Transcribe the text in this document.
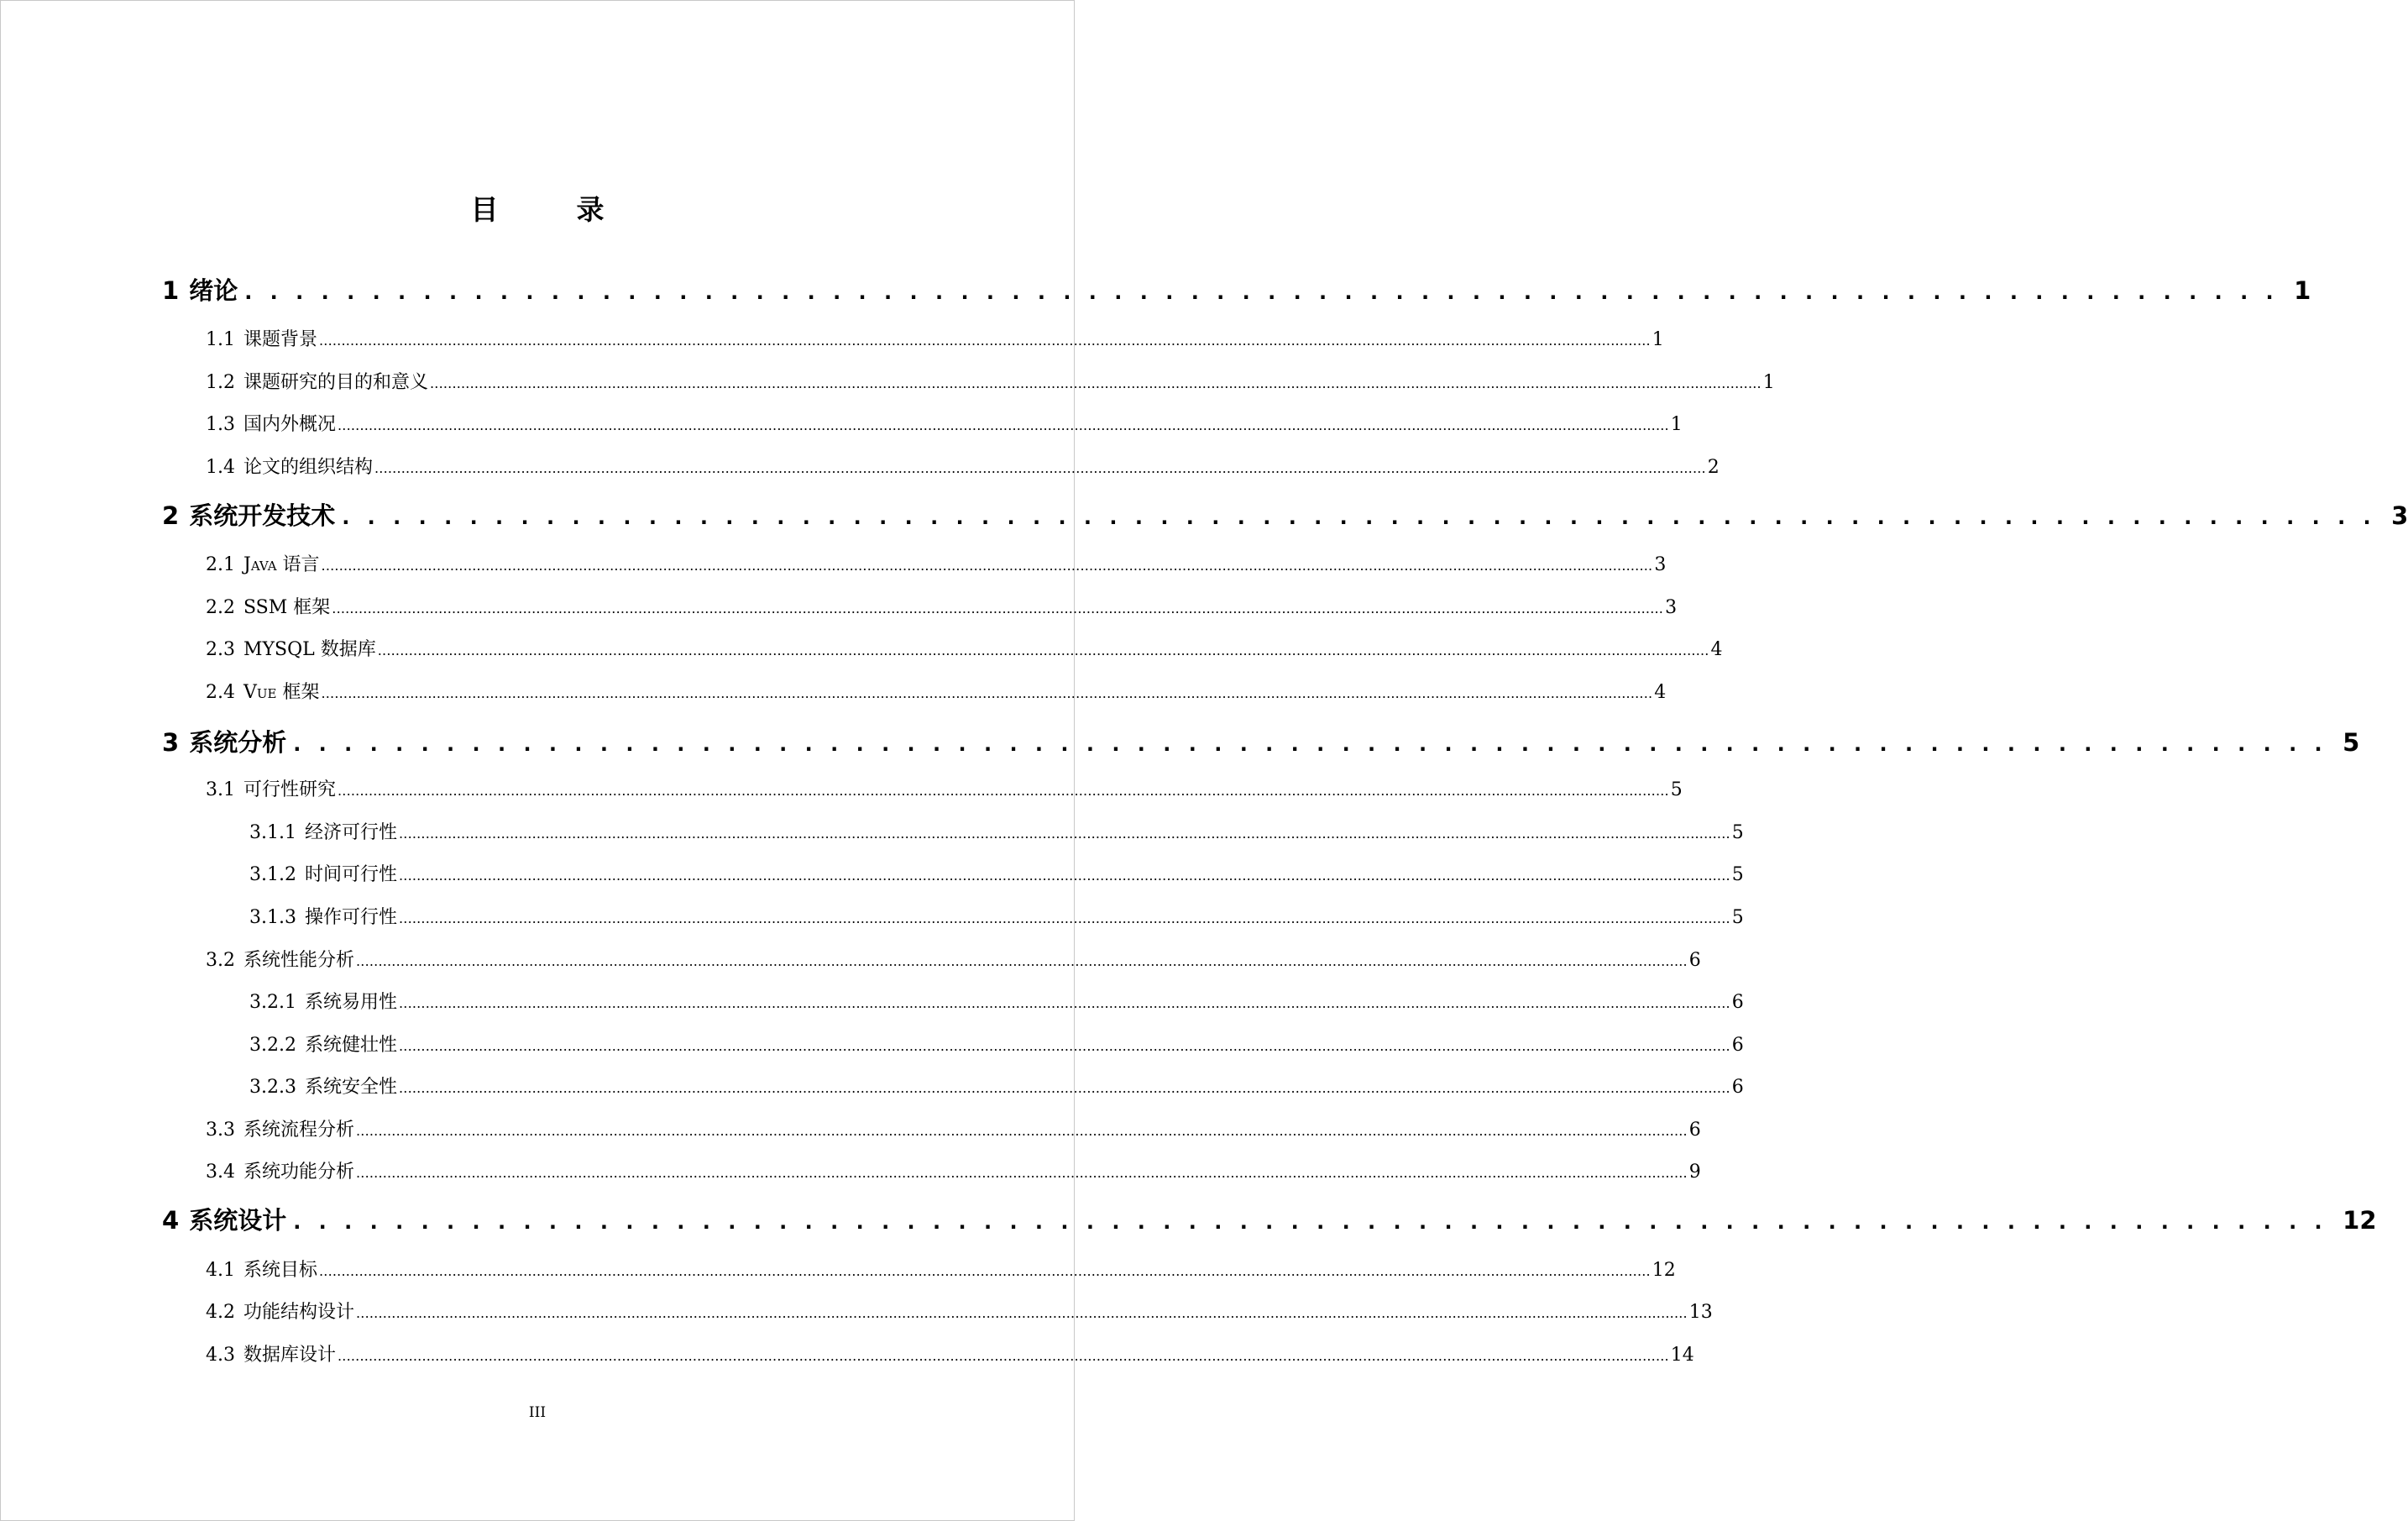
目　录
1 绪论 . . . . . . . . . . . . . . . . . . . . . . . . . . . . . . . . . . . . . . . . . . . . . . . . . . . . . . . . . . . . . . . . . . . . . . . . . . . . . . . . 1
1.1 课题背景 ............................................................................................................................................................................................................................................................................................................ 1
1.2 课题研究的目的和意义 ............................................................................................................................................................................................................................................................................................................ 1
1.3 国内外概况 ............................................................................................................................................................................................................................................................................................................ 1
1.4 论文的组织结构 ............................................................................................................................................................................................................................................................................................................ 2
2 系统开发技术 . . . . . . . . . . . . . . . . . . . . . . . . . . . . . . . . . . . . . . . . . . . . . . . . . . . . . . . . . . . . . . . . . . . . . . . . . . . . . . . . 3
2.1 Java 语言 ............................................................................................................................................................................................................................................................................................................ 3
2.2 SSM 框架 ............................................................................................................................................................................................................................................................................................................ 3
2.3 MYSQL 数据库 ............................................................................................................................................................................................................................................................................................................ 4
2.4 Vue 框架 ............................................................................................................................................................................................................................................................................................................ 4
3 系统分析 . . . . . . . . . . . . . . . . . . . . . . . . . . . . . . . . . . . . . . . . . . . . . . . . . . . . . . . . . . . . . . . . . . . . . . . . . . . . . . . . 5
3.1 可行性研究 ............................................................................................................................................................................................................................................................................................................ 5
3.1.1 经济可行性 ............................................................................................................................................................................................................................................................................................................ 5
3.1.2 时间可行性 ............................................................................................................................................................................................................................................................................................................ 5
3.1.3 操作可行性 ............................................................................................................................................................................................................................................................................................................ 5
3.2 系统性能分析 ............................................................................................................................................................................................................................................................................................................ 6
3.2.1 系统易用性 ............................................................................................................................................................................................................................................................................................................ 6
3.2.2 系统健壮性 ............................................................................................................................................................................................................................................................................................................ 6
3.2.3 系统安全性 ............................................................................................................................................................................................................................................................................................................ 6
3.3 系统流程分析 ............................................................................................................................................................................................................................................................................................................ 6
3.4 系统功能分析 ............................................................................................................................................................................................................................................................................................................ 9
4 系统设计 . . . . . . . . . . . . . . . . . . . . . . . . . . . . . . . . . . . . . . . . . . . . . . . . . . . . . . . . . . . . . . . . . . . . . . . . . . . . . . . . 12
4.1 系统目标 ............................................................................................................................................................................................................................................................................................................ 12
4.2 功能结构设计 ............................................................................................................................................................................................................................................................................................................ 13
4.3 数据库设计 ............................................................................................................................................................................................................................................................................................................ 14
III
